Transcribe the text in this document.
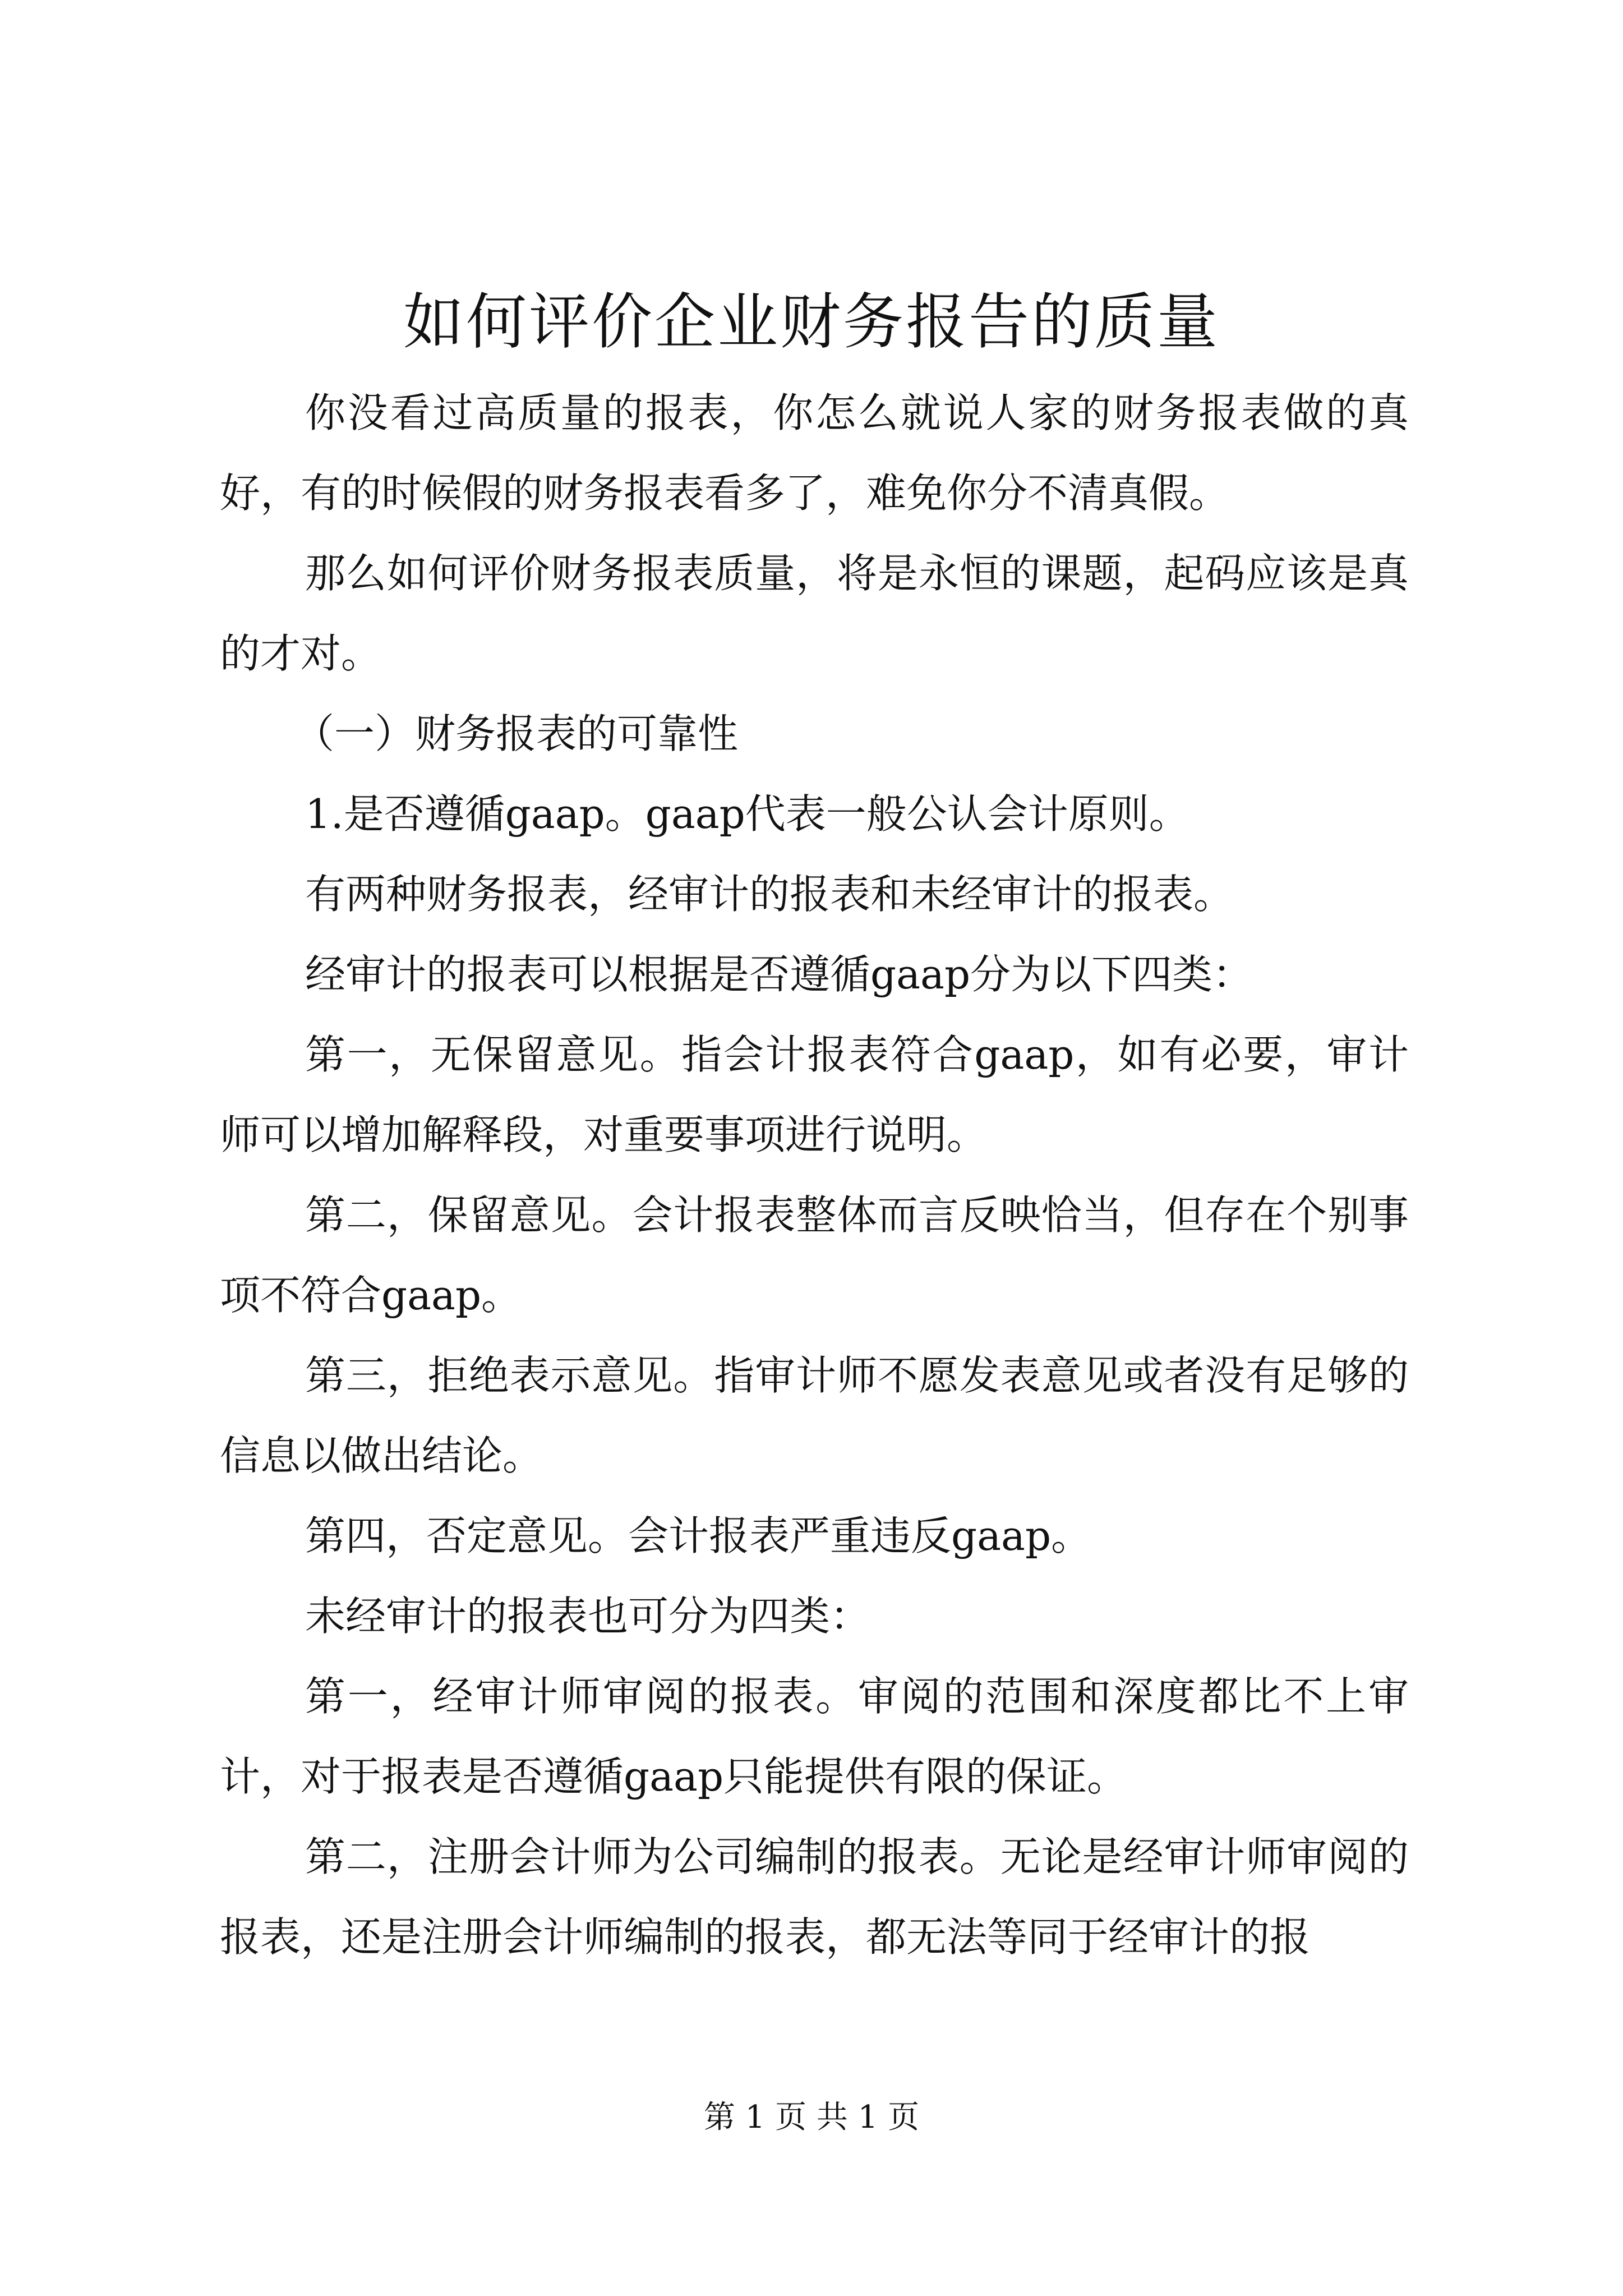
如何评价企业财务报告的质量

你没看过高质量的报表，你怎么就说人家的财务报表做的真好，有的时候假的财务报表看多了，难免你分不清真假。

那么如何评价财务报表质量，将是永恒的课题，起码应该是真的才对。

（一）财务报表的可靠性

1.是否遵循gaap。gaap代表一般公认会计原则。

有两种财务报表，经审计的报表和未经审计的报表。

经审计的报表可以根据是否遵循gaap分为以下四类：

第一，无保留意见。指会计报表符合gaap，如有必要，审计师可以增加解释段，对重要事项进行说明。

第二，保留意见。会计报表整体而言反映恰当，但存在个别事项不符合gaap。

第三，拒绝表示意见。指审计师不愿发表意见或者没有足够的信息以做出结论。

第四，否定意见。会计报表严重违反gaap。

未经审计的报表也可分为四类：

第一，经审计师审阅的报表。审阅的范围和深度都比不上审计，对于报表是否遵循gaap只能提供有限的保证。

第二，注册会计师为公司编制的报表。无论是经审计师审阅的报表，还是注册会计师编制的报表，都无法等同于经审计的报

第 1 页 共 1 页
